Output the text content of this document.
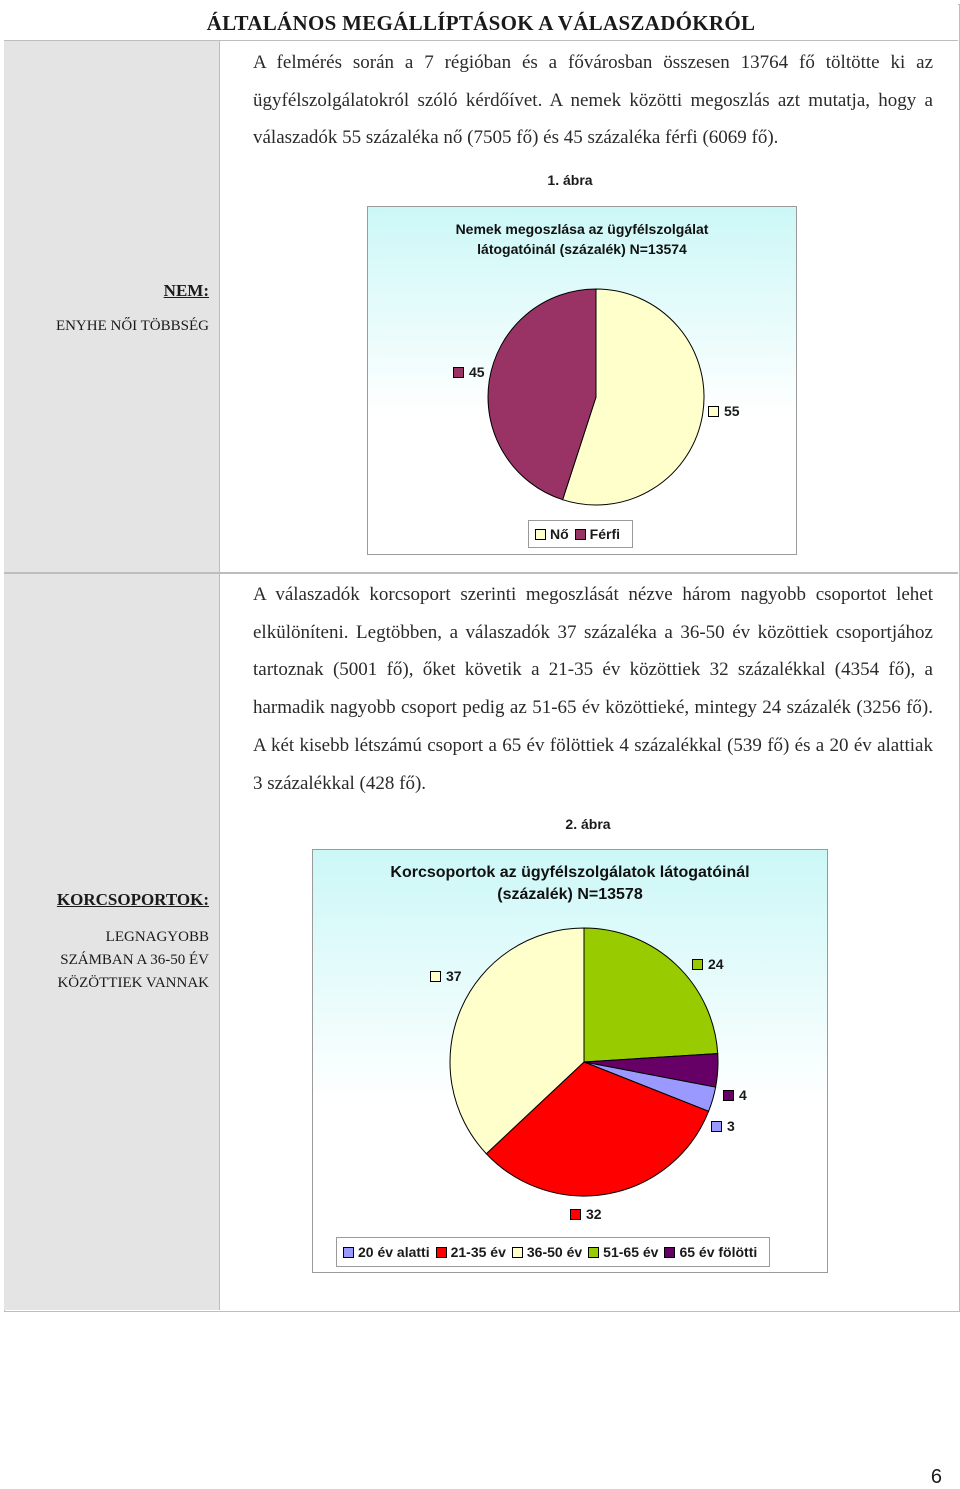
ÁLTALÁNOS MEGÁLLÍPTÁSOK A VÁLASZADÓKRÓL
NEM:
ENYHE NŐI TÖBBSÉG

A felmérés során a 7 régióban és a fővárosban összesen 13764 fő töltötte ki az ügyfélszolgálatokról szóló kérdőívet. A nemek közötti megoszlás azt mutatja, hogy a válaszadók 55 százaléka nő (7505 fő) és 45 százaléka férfi (6069 fő).

1. ábra
Nemek megoszlása az ügyfélszolgálat
látogatóinál (százalék) N=13574
45
55
Nő Férfi
KORCSOPORTOK:
LEGNAGYOBB
SZÁMBAN A 36-50 ÉV
KÖZÖTTIEK VANNAK

A válaszadók korcsoport szerinti megoszlását nézve három nagyobb csoportot lehet elkülöníteni. Legtöbben, a válaszadók 37 százaléka a 36-50 év közöttiek csoportjához tartoznak (5001 fő), őket követik a 21-35 év közöttiek 32 százalékkal (4354 fő), a harmadik nagyobb csoport pedig az 51-65 év közöttieké, mintegy 24 százalék (3256 fő). A két kisebb létszámú csoport a 65 év fölöttiek 4 százalékkal (539 fő) és a 20 év alattiak 3 százalékkal (428 fő).

2. ábra
Korcsoportok az ügyfélszolgálatok látogatóinál
(százalék) N=13578
37
24
4
3
32
20 év alatti 21-35 év 36-50 év 51-65 év 65 év fölötti
6
